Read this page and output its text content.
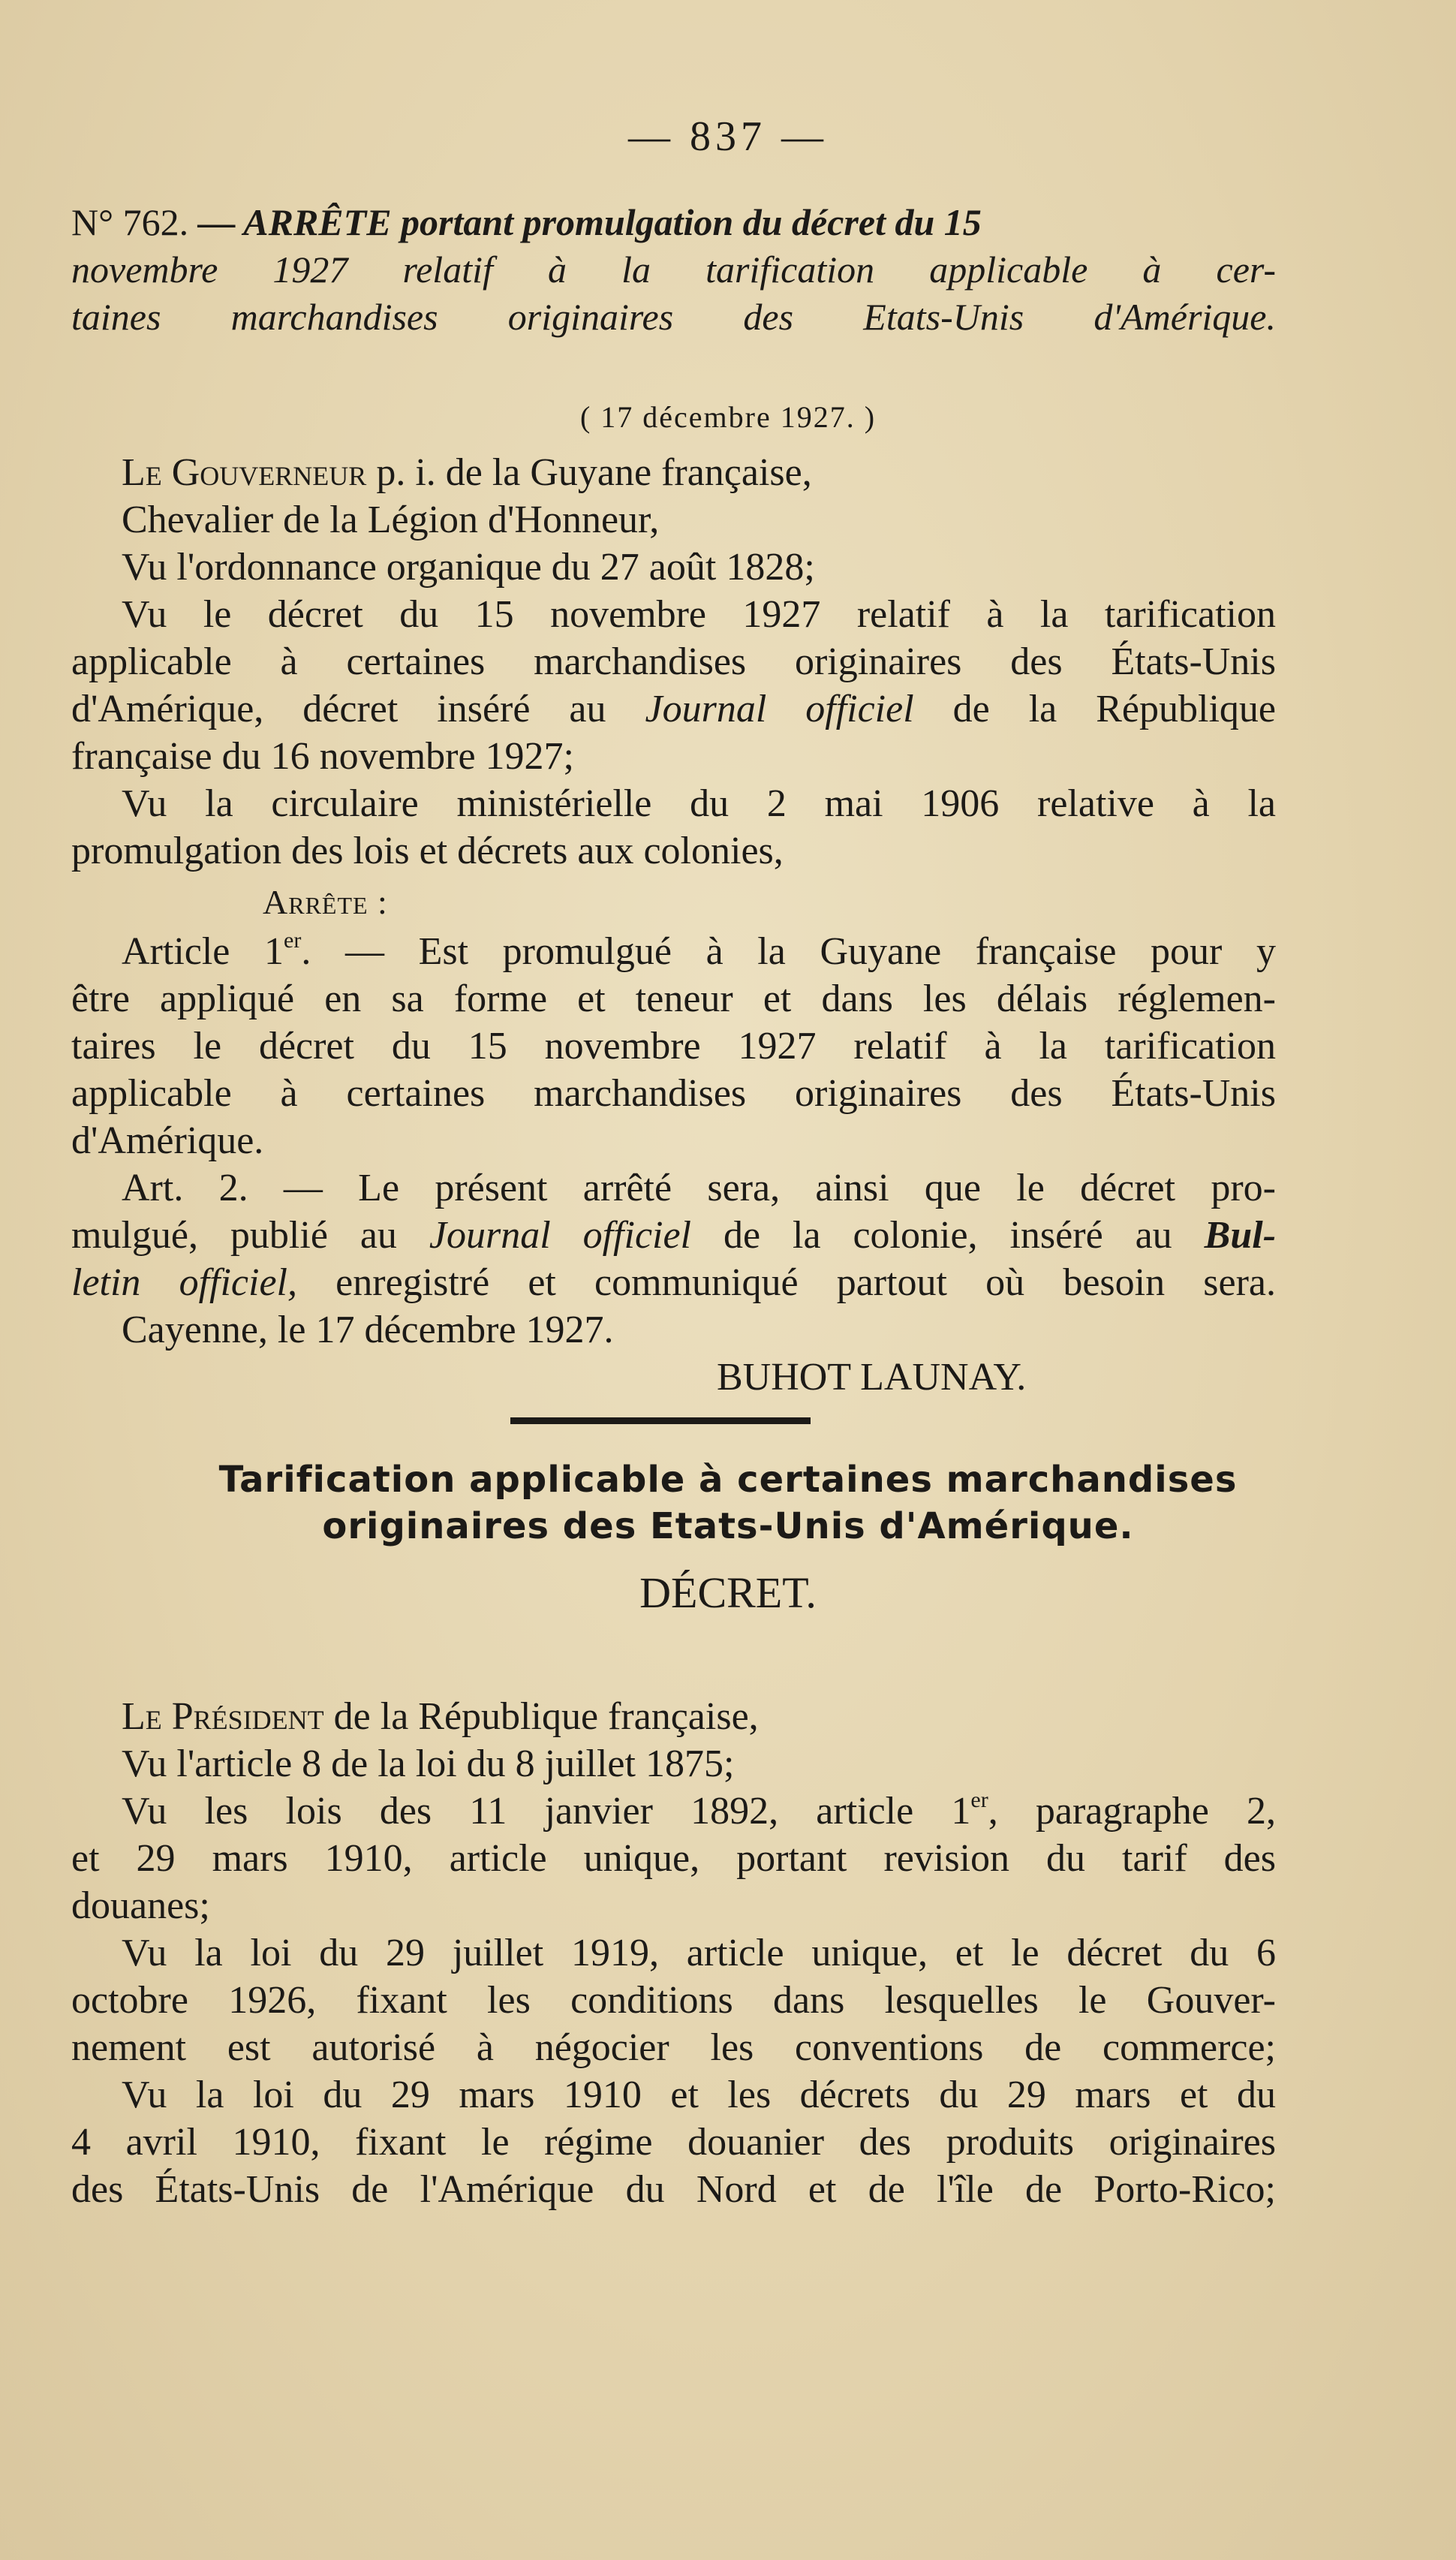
— 837 —
N° 762. — ARRÊTE portant promulgation du décret du 15
novembre 1927 relatif à la tarification applicable à cer-
taines marchandises originaires des Etats-Unis d'Amérique.
( 17 décembre 1927. )
Le Gouverneur p. i. de la Guyane française,
Chevalier de la Légion d'Honneur,
Vu l'ordonnance organique du 27 août 1828;
Vu le décret du 15 novembre 1927 relatif à la tarification
applicable à certaines marchandises originaires des États-Unis
d'Amérique, décret inséré au Journal officiel de la République
française du 16 novembre 1927;
Vu la circulaire ministérielle du 2 mai 1906 relative à la
promulgation des lois et décrets aux colonies,
Arrête :
Article 1er. — Est promulgué à la Guyane française pour y
être appliqué en sa forme et teneur et dans les délais réglemen-
taires le décret du 15 novembre 1927 relatif à la tarification
applicable à certaines marchandises originaires des États-Unis
d'Amérique.
Art. 2. — Le présent arrêté sera, ainsi que le décret pro-
mulgué, publié au Journal officiel de la colonie, inséré au Bul-
letin officiel, enregistré et communiqué partout où besoin sera.
Cayenne, le 17 décembre 1927.
BUHOT LAUNAY.
Tarification applicable à certaines marchandises
originaires des Etats-Unis d'Amérique.
DÉCRET.
Le Président de la République française,
Vu l'article 8 de la loi du 8 juillet 1875;
Vu les lois des 11 janvier 1892, article 1er, paragraphe 2,
et 29 mars 1910, article unique, portant revision du tarif des
douanes;
Vu la loi du 29 juillet 1919, article unique, et le décret du 6
octobre 1926, fixant les conditions dans lesquelles le Gouver-
nement est autorisé à négocier les conventions de commerce;
Vu la loi du 29 mars 1910 et les décrets du 29 mars et du
4 avril 1910, fixant le régime douanier des produits originaires
des États-Unis de l'Amérique du Nord et de l'île de Porto-Rico;
